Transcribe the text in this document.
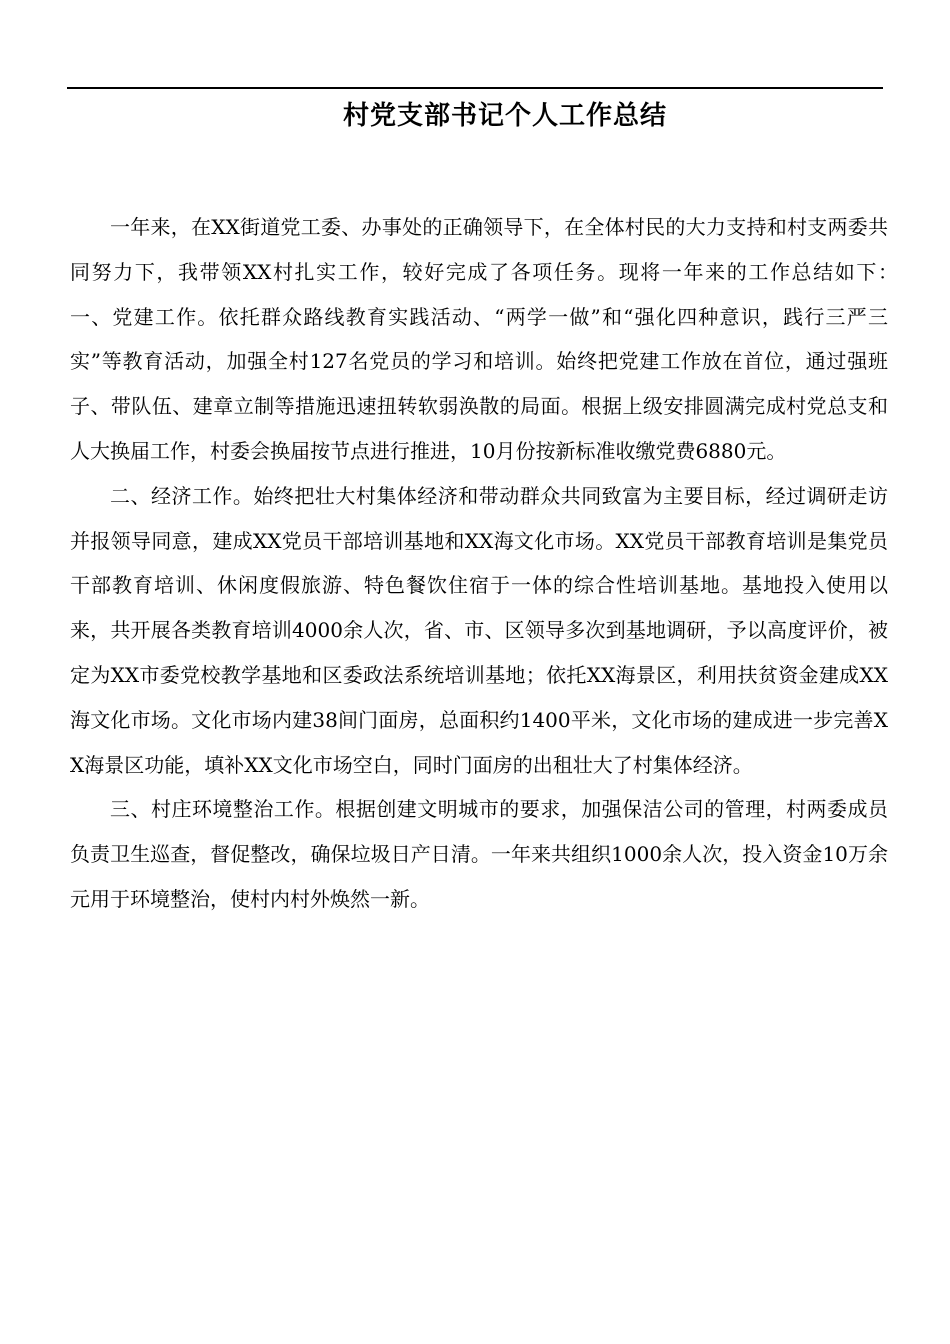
村党支部书记个人工作总结

一年来，在XX街道党工委、办事处的正确领导下，在全体村民的大力支持和村支两委共同努力下，我带领XX村扎实工作，较好完成了各项任务。现将一年来的工作总结如下：　　　一、党建工作。依托群众路线教育实践活动、“两学一做”和“强化四种意识，践行三严三实”等教育活动，加强全村127名党员的学习和培训。始终把党建工作放在首位，通过强班子、带队伍、建章立制等措施迅速扭转软弱涣散的局面。根据上级安排圆满完成村党总支和人大换届工作，村委会换届按节点进行推进，10月份按新标准收缴党费6880元。

二、经济工作。始终把壮大村集体经济和带动群众共同致富为主要目标，经过调研走访并报领导同意，建成XX党员干部培训基地和XX海文化市场。XX党员干部教育培训是集党员干部教育培训、休闲度假旅游、特色餐饮住宿于一体的综合性培训基地。基地投入使用以来，共开展各类教育培训4000余人次，省、市、区领导多次到基地调研，予以高度评价，被定为XX市委党校教学基地和区委政法系统培训基地；依托XX海景区，利用扶贫资金建成XX海文化市场。文化市场内建38间门面房，总面积约1400平米，文化市场的建成进一步完善XX海景区功能，填补XX文化市场空白，同时门面房的出租壮大了村集体经济。

三、村庄环境整治工作。根据创建文明城市的要求，加强保洁公司的管理，村两委成员负责卫生巡查，督促整改，确保垃圾日产日清。一年来共组织1000余人次，投入资金10万余元用于环境整治，使村内村外焕然一新。
